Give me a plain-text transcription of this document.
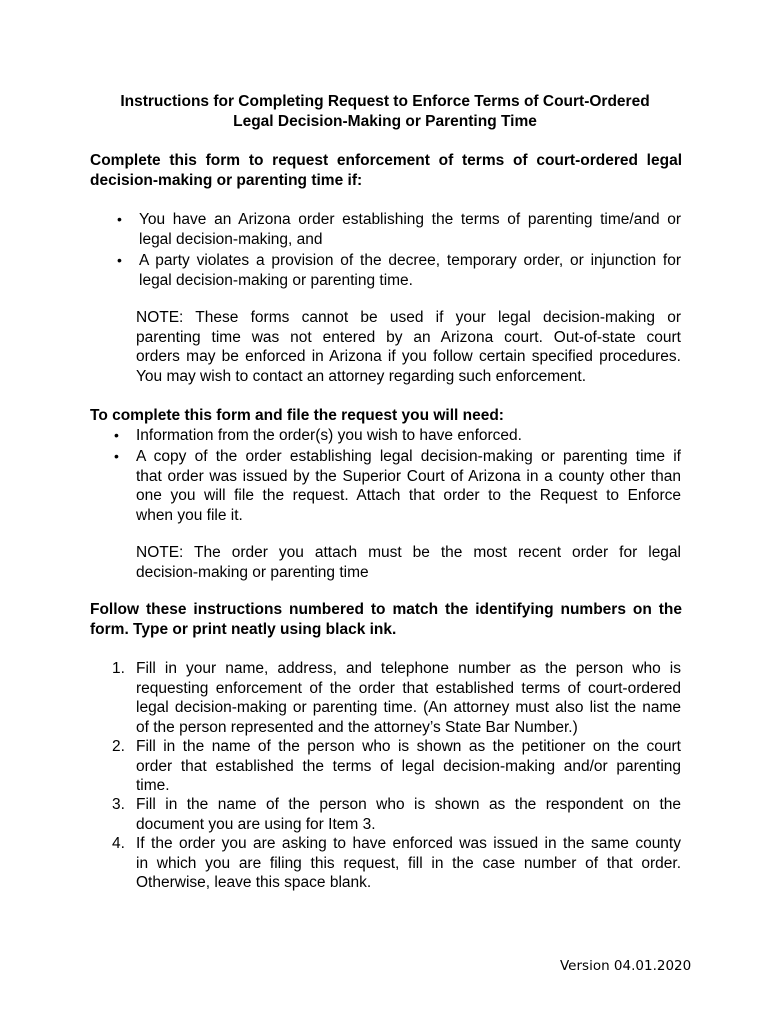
Instructions for Completing Request to Enforce Terms of Court-Ordered
Legal Decision-Making or Parenting Time
Complete this form to request enforcement of terms of court-ordered legal
decision-making or parenting time if:
• You have an Arizona order establishing the terms of parenting time/and or
legal decision-making, and
• A party violates a provision of the decree, temporary order, or injunction for
legal decision-making or parenting time.
NOTE: These forms cannot be used if your legal decision-making or
parenting time was not entered by an Arizona court. Out-of-state court
orders may be enforced in Arizona if you follow certain specified procedures.
You may wish to contact an attorney regarding such enforcement.
To complete this form and file the request you will need:
• Information from the order(s) you wish to have enforced.
• A copy of the order establishing legal decision-making or parenting time if
that order was issued by the Superior Court of Arizona in a county other than
one you will file the request. Attach that order to the Request to Enforce
when you file it.
NOTE: The order you attach must be the most recent order for legal
decision-making or parenting time
Follow these instructions numbered to match the identifying numbers on the
form. Type or print neatly using black ink.
1. Fill in your name, address, and telephone number as the person who is
requesting enforcement of the order that established terms of court-ordered
legal decision-making or parenting time. (An attorney must also list the name
of the person represented and the attorney’s State Bar Number.)
2. Fill in the name of the person who is shown as the petitioner on the court
order that established the terms of legal decision-making and/or parenting
time.
3. Fill in the name of the person who is shown as the respondent on the
document you are using for Item 3.
4. If the order you are asking to have enforced was issued in the same county
in which you are filing this request, fill in the case number of that order.
Otherwise, leave this space blank.
Version 04.01.2020
